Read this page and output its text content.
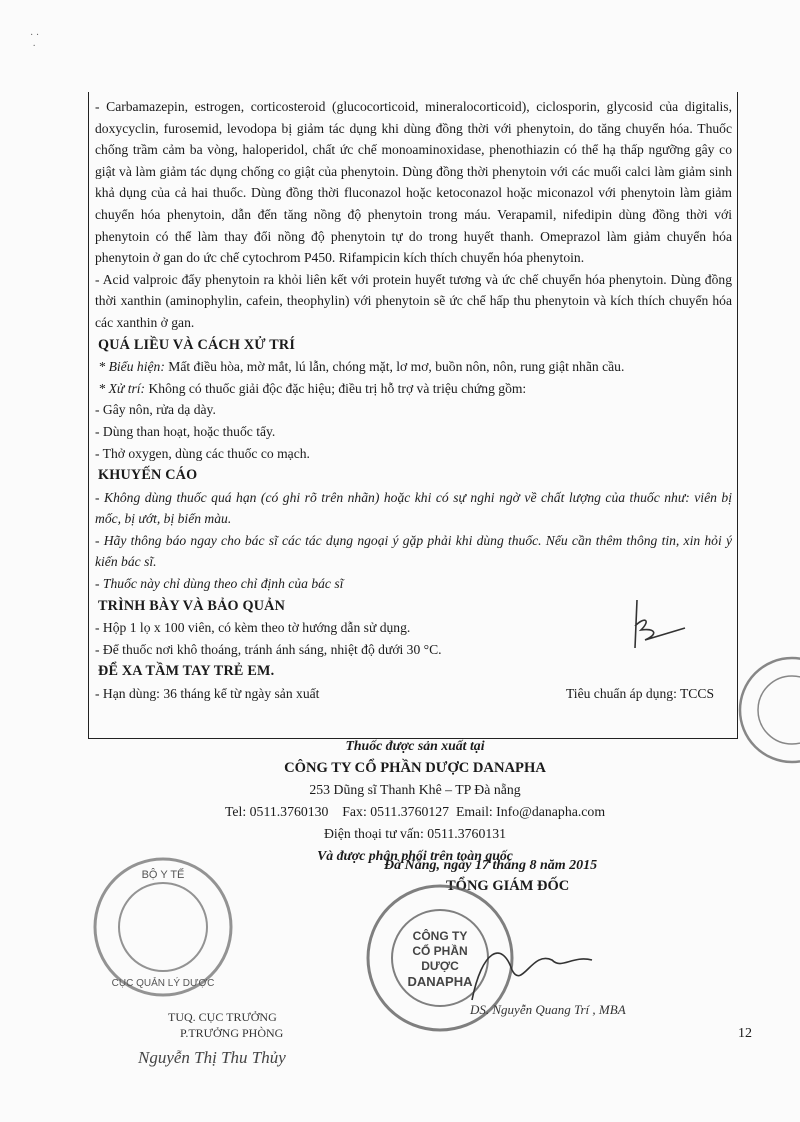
· ·
·

- Carbamazepin, estrogen, corticosteroid (glucocorticoid, mineralocorticoid), ciclosporin, glycosid của digitalis, doxycyclin, furosemid, levodopa bị giảm tác dụng khi dùng đồng thời với phenytoin, do tăng chuyển hóa. Thuốc chống trầm cảm ba vòng, haloperidol, chất ức chế monoaminoxidase, phenothiazin có thể hạ thấp ngưỡng gây co giật và làm giảm tác dụng chống co giật của phenytoin. Dùng đồng thời phenytoin với các muối calci làm giảm sinh khả dụng của cả hai thuốc. Dùng đồng thời fluconazol hoặc ketoconazol hoặc miconazol với phenytoin làm giảm chuyển hóa phenytoin, dẫn đến tăng nồng độ phenytoin trong máu. Verapamil, nifedipin dùng đồng thời với phenytoin có thể làm thay đổi nồng độ phenytoin tự do trong huyết thanh. Omeprazol làm giảm chuyển hóa phenytoin ở gan do ức chế cytochrom P450. Rifampicin kích thích chuyển hóa phenytoin.

- Acid valproic đẩy phenytoin ra khỏi liên kết với protein huyết tương và ức chế chuyển hóa phenytoin. Dùng đồng thời xanthin (aminophylin, cafein, theophylin) với phenytoin sẽ ức chế hấp thu phenytoin và kích thích chuyển hóa các xanthin ở gan.

QUÁ LIỀU VÀ CÁCH XỬ TRÍ
* Biểu hiện: Mất điều hòa, mờ mắt, lú lẫn, chóng mặt, lơ mơ, buồn nôn, nôn, rung giật nhãn cầu.
* Xử trí: Không có thuốc giải độc đặc hiệu; điều trị hỗ trợ và triệu chứng gồm:
- Gây nôn, rửa dạ dày.
- Dùng than hoạt, hoặc thuốc tẩy.
- Thở oxygen, dùng các thuốc co mạch.
KHUYẾN CÁO

- Không dùng thuốc quá hạn (có ghi rõ trên nhãn) hoặc khi có sự nghi ngờ về chất lượng của thuốc như: viên bị mốc, bị ướt, bị biến màu.

- Hãy thông báo ngay cho bác sĩ các tác dụng ngoại ý gặp phải khi dùng thuốc. Nếu cần thêm thông tin, xin hỏi ý kiến bác sĩ.

- Thuốc này chỉ dùng theo chỉ định của bác sĩ

TRÌNH BÀY VÀ BẢO QUẢN
- Hộp 1 lọ x 100 viên, có kèm theo tờ hướng dẫn sử dụng.
- Để thuốc nơi khô thoáng, tránh ánh sáng, nhiệt độ dưới 30 °C.
ĐỂ XA TẦM TAY TRẺ EM.
- Hạn dùng: 36 tháng kể từ ngày sản xuất	Tiêu chuẩn áp dụng: TCCS
Thuốc được sản xuất tại
CÔNG TY CỔ PHẦN DƯỢC DANAPHA
253 Dũng sĩ Thanh Khê – TP Đà nẵng
Tel: 0511.3760130    Fax: 0511.3760127  Email: Info@danapha.com
Điện thoại tư vấn: 0511.3760131
Và được phân phối trên toàn quốc
Đà Nẵng, ngày 17 tháng 8 năm 2015
TỔNG GIÁM ĐỐC
CÔNG TY
CỔ PHẦN
DƯỢC
DANAPHA
BỘ Y TẾ
CỤC QUẢN LÝ DƯỢC
DS. Nguyễn Quang Trí , MBA
TUQ. CỤC TRƯỞNG
P.TRƯỞNG PHÒNG
Nguyễn Thị Thu Thủy
12
